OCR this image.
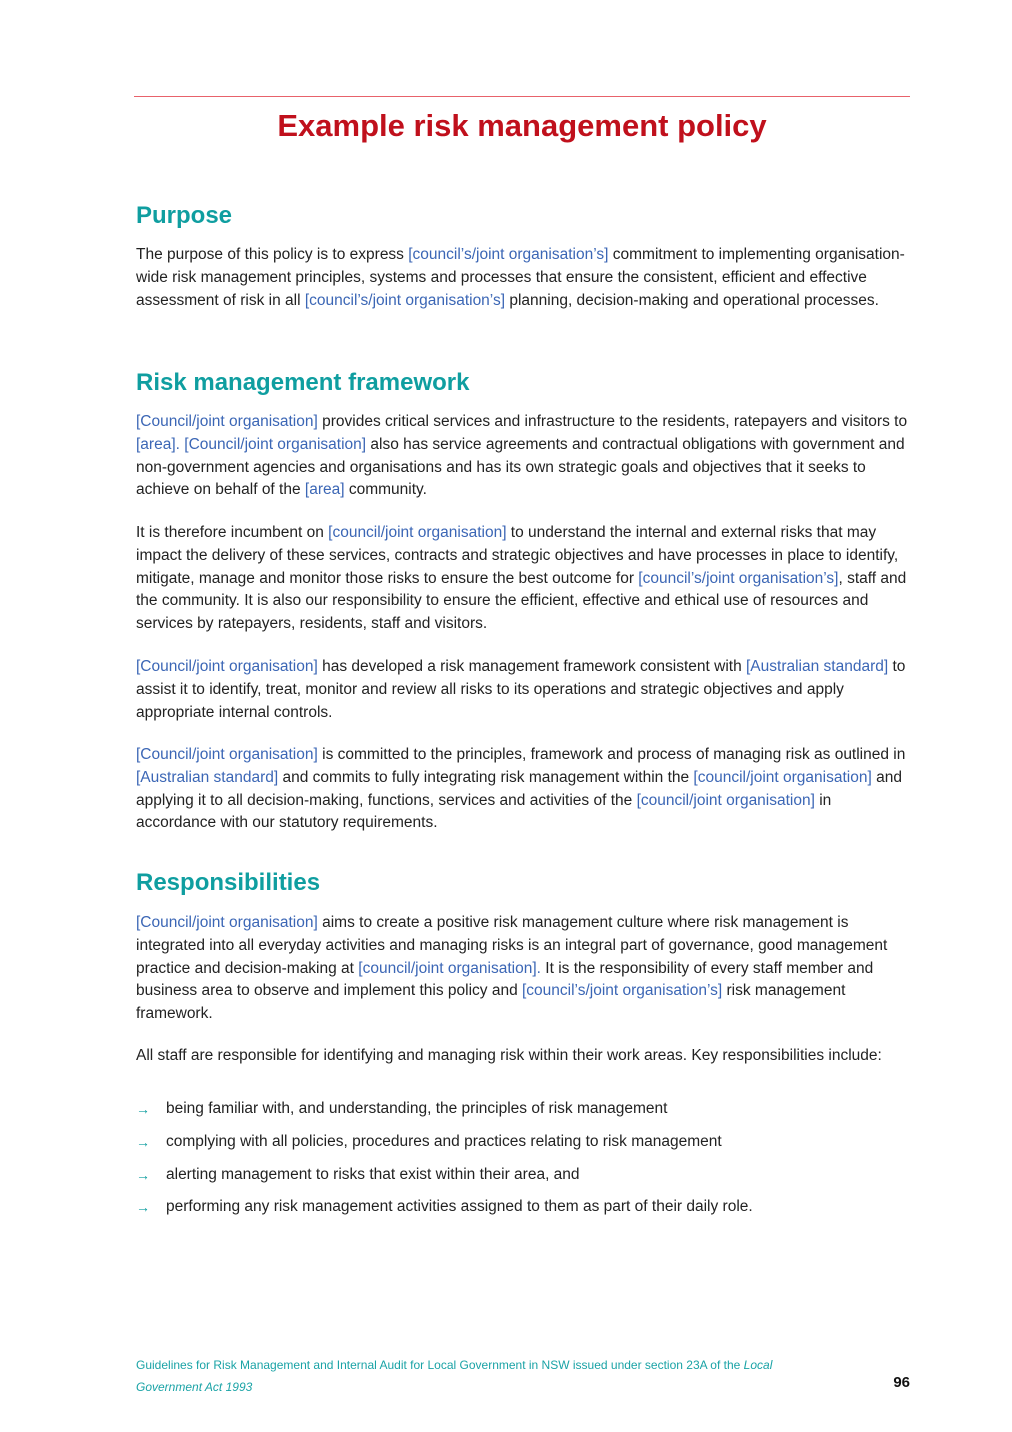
Example risk management policy
Purpose

The purpose of this policy is to express [council’s/joint organisation’s] commitment to implementing organisation-wide risk management principles, systems and processes that ensure the consistent, efficient and effective assessment of risk in all [council’s/joint organisation’s] planning, decision-making and operational processes.

Risk management framework

[Council/joint organisation] provides critical services and infrastructure to the residents, ratepayers and visitors to [area]. [Council/joint organisation] also has service agreements and contractual obligations with government and non-government agencies and organisations and has its own strategic goals and objectives that it seeks to achieve on behalf of the [area] community.

It is therefore incumbent on [council/joint organisation] to understand the internal and external risks that may impact the delivery of these services, contracts and strategic objectives and have processes in place to identify, mitigate, manage and monitor those risks to ensure the best outcome for [council’s/joint organisation’s], staff and the community. It is also our responsibility to ensure the efficient, effective and ethical use of resources and services by ratepayers, residents, staff and visitors.

[Council/joint organisation] has developed a risk management framework consistent with [Australian standard] to assist it to identify, treat, monitor and review all risks to its operations and strategic objectives and apply appropriate internal controls.

[Council/joint organisation] is committed to the principles, framework and process of managing risk as outlined in [Australian standard] and commits to fully integrating risk management within the [council/joint organisation] and applying it to all decision-making, functions, services and activities of the [council/joint organisation] in accordance with our statutory requirements.

Responsibilities

[Council/joint organisation] aims to create a positive risk management culture where risk management is integrated into all everyday activities and managing risks is an integral part of governance, good management practice and decision-making at [council/joint organisation]. It is the responsibility of every staff member and business area to observe and implement this policy and [council’s/joint organisation’s] risk management framework.

All staff are responsible for identifying and managing risk within their work areas. Key responsibilities include:

→ being familiar with, and understanding, the principles of risk management
→ complying with all policies, procedures and practices relating to risk management
→ alerting management to risks that exist within their area, and
→ performing any risk management activities assigned to them as part of their daily role.
Guidelines for Risk Management and Internal Audit for Local Government in NSW issued under section 23A of the Local Government Act 1993	96
